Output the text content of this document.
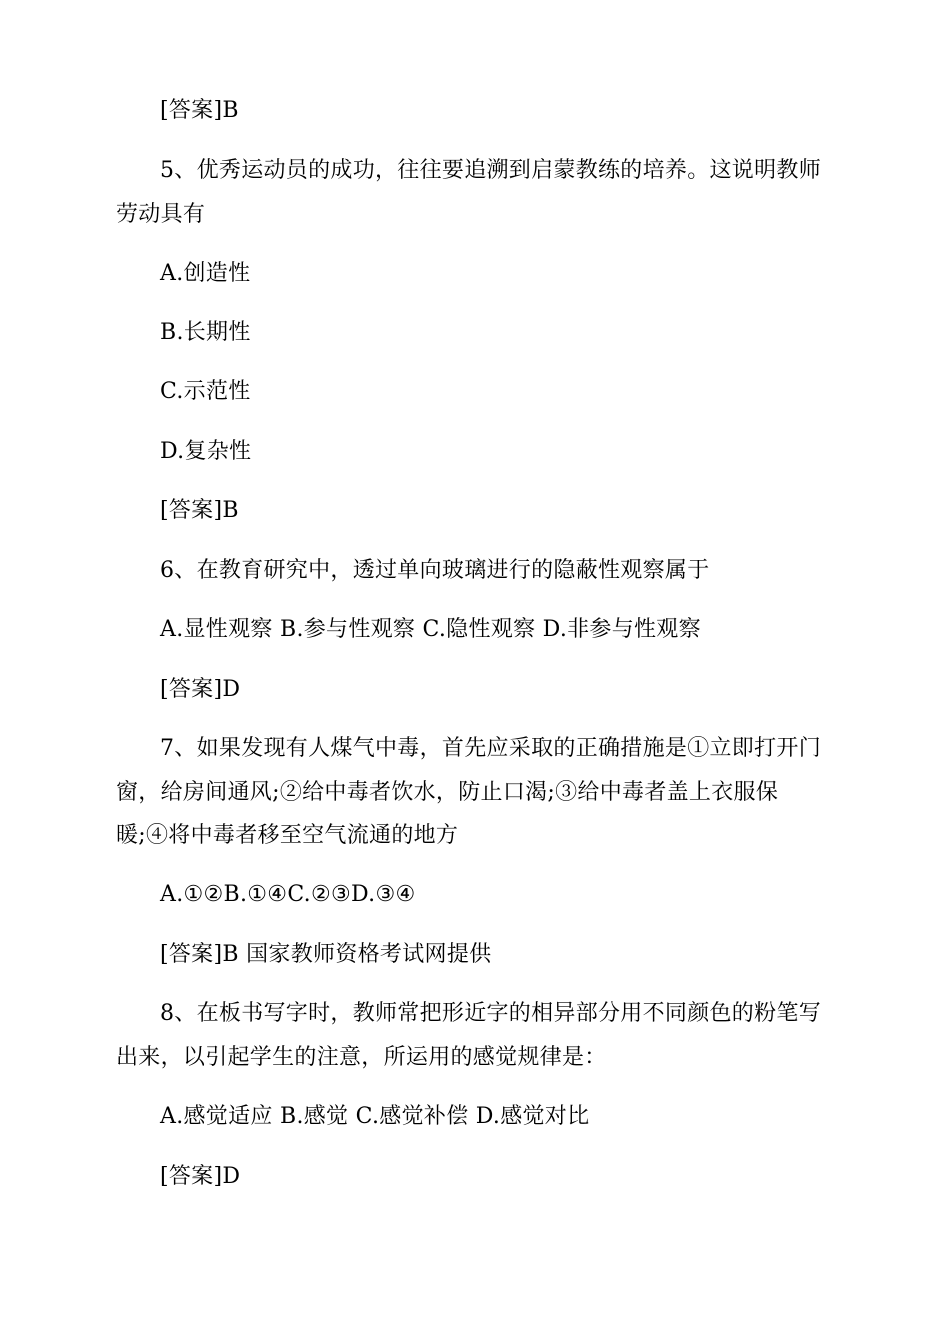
[答案]B
5、优秀运动员的成功，往往要追溯到启蒙教练的培养。这说明教师
劳动具有
A.创造性
B.长期性
C.示范性
D.复杂性
[答案]B
6、在教育研究中，透过单向玻璃进行的隐蔽性观察属于
A.显性观察 B.参与性观察 C.隐性观察 D.非参与性观察
[答案]D
7、如果发现有人煤气中毒，首先应采取的正确措施是①立即打开门
窗，给房间通风;②给中毒者饮水，防止口渴;③给中毒者盖上衣服保
暖;④将中毒者移至空气流通的地方
A.①②B.①④C.②③D.③④
[答案]B 国家教师资格考试网提供
8、在板书写字时，教师常把形近字的相异部分用不同颜色的粉笔写
出来，以引起学生的注意，所运用的感觉规律是：
A.感觉适应 B.感觉 C.感觉补偿 D.感觉对比
[答案]D
